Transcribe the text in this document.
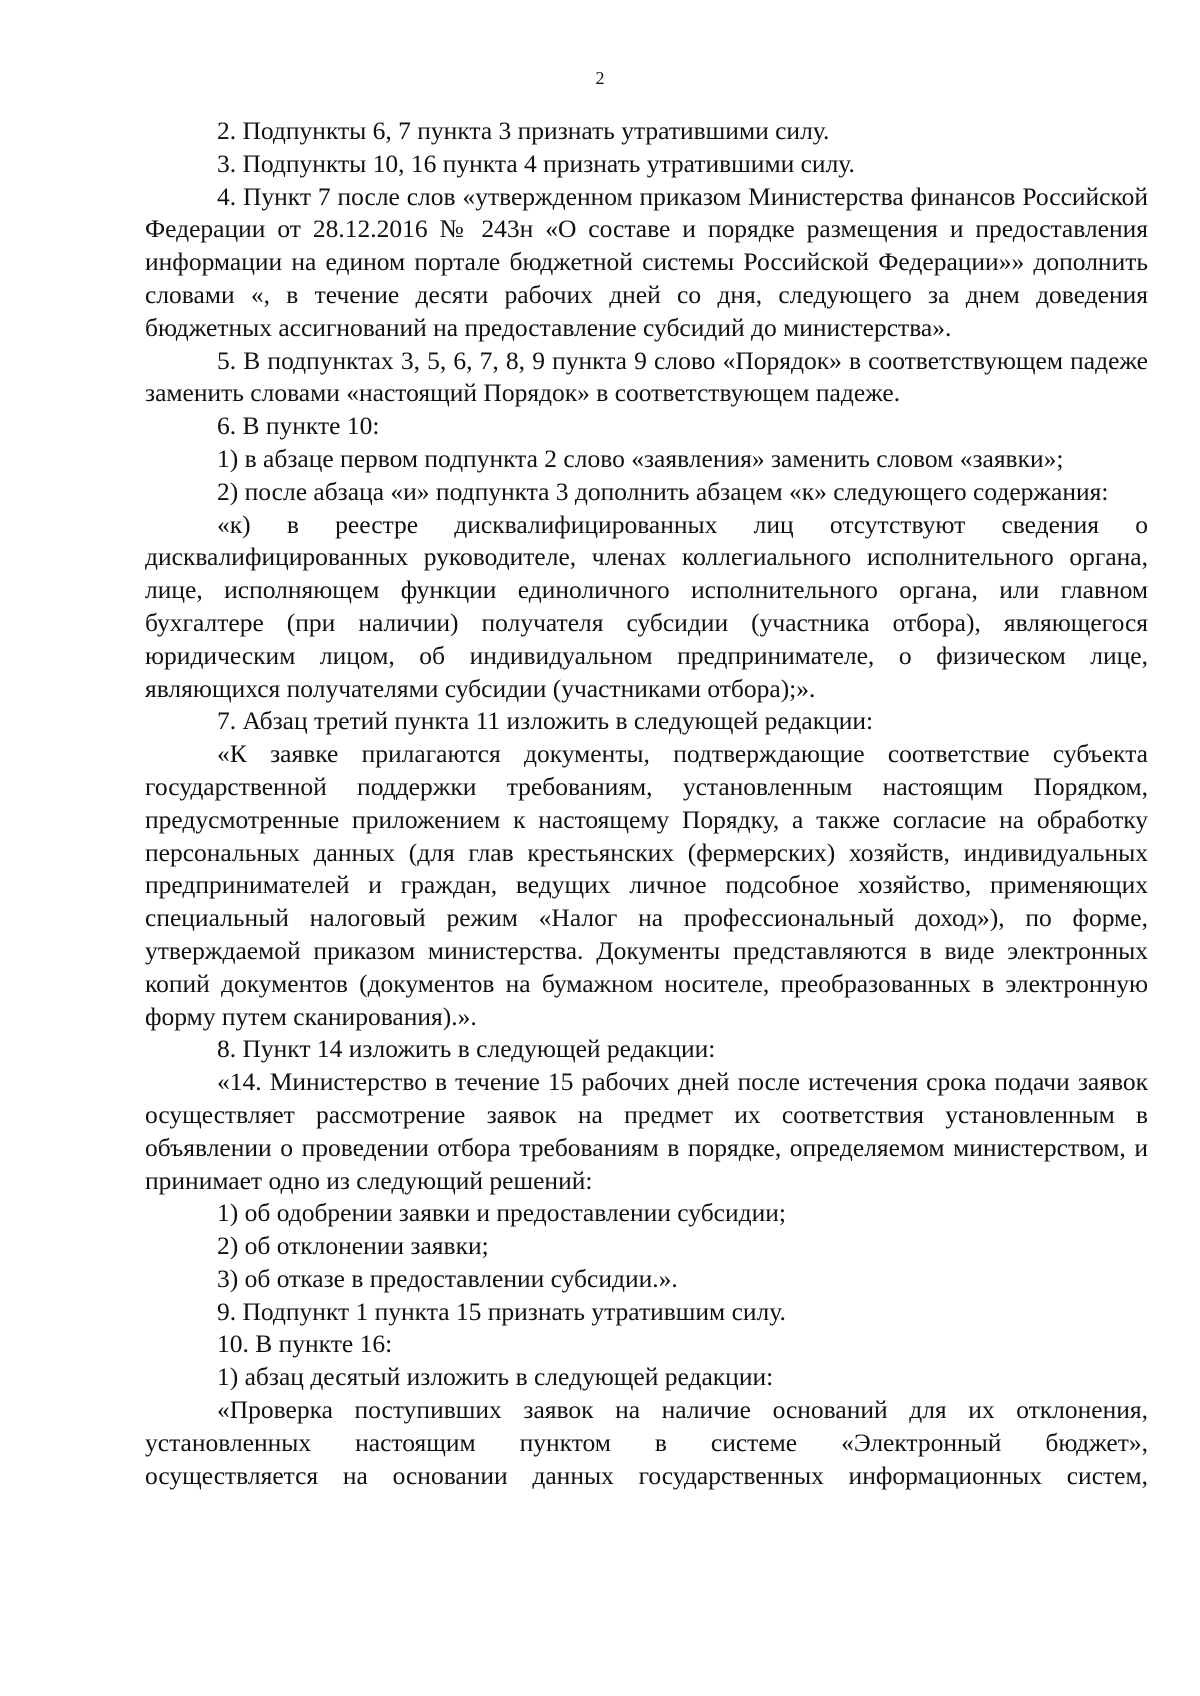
2

2. Подпункты 6, 7 пункта 3 признать утратившими силу.

3. Подпункты 10, 16 пункта 4 признать утратившими силу.

4. Пункт 7 после слов «утвержденном приказом Министерства финансов Российской Федерации от 28.12.2016 № 243н «О составе и порядке размещения и предоставления информации на едином портале бюджетной системы Российской Федерации»» дополнить словами «, в течение десяти рабочих дней со дня, следующего за днем доведения бюджетных ассигнований на предоставление субсидий до министерства».

5. В подпунктах 3, 5, 6, 7, 8, 9 пункта 9 слово «Порядок» в соответствующем падеже заменить словами «настоящий Порядок» в соответствующем падеже.

6. В пункте 10:

1) в абзаце первом подпункта 2 слово «заявления» заменить словом «заявки»;

2) после абзаца «и» подпункта 3 дополнить абзацем «к» следующего содержания:

«к) в реестре дисквалифицированных лиц отсутствуют сведения о дисквалифицированных руководителе, членах коллегиального исполнительного органа, лице, исполняющем функции единоличного исполнительного органа, или главном бухгалтере (при наличии) получателя субсидии (участника отбора), являющегося юридическим лицом, об индивидуальном предпринимателе, о физическом лице, являющихся получателями субсидии (участниками отбора);».

7. Абзац третий пункта 11 изложить в следующей редакции:

«К заявке прилагаются документы, подтверждающие соответствие субъекта государственной поддержки требованиям, установленным настоящим Порядком, предусмотренные приложением к настоящему Порядку, а также согласие на обработку персональных данных (для глав крестьянских (фермерских) хозяйств, индивидуальных предпринимателей и граждан, ведущих личное подсобное хозяйство, применяющих специальный налоговый режим «Налог на профессиональный доход»), по форме, утверждаемой приказом министерства. Документы представляются в виде электронных копий документов (документов на бумажном носителе, преобразованных в электронную форму путем сканирования).».

8. Пункт 14 изложить в следующей редакции:

«14. Министерство в течение 15 рабочих дней после истечения срока подачи заявок осуществляет рассмотрение заявок на предмет их соответствия установленным в объявлении о проведении отбора требованиям в порядке, определяемом министерством, и принимает одно из следующий решений:

1) об одобрении заявки и предоставлении субсидии;

2) об отклонении заявки;

3) об отказе в предоставлении субсидии.».

9. Подпункт 1 пункта 15 признать утратившим силу.

10. В пункте 16:

1) абзац десятый изложить в следующей редакции:

«Проверка поступивших заявок на наличие оснований для их отклонения,
установленных настоящим пунктом в системе «Электронный бюджет»,
осуществляется на основании данных государственных информационных систем,
